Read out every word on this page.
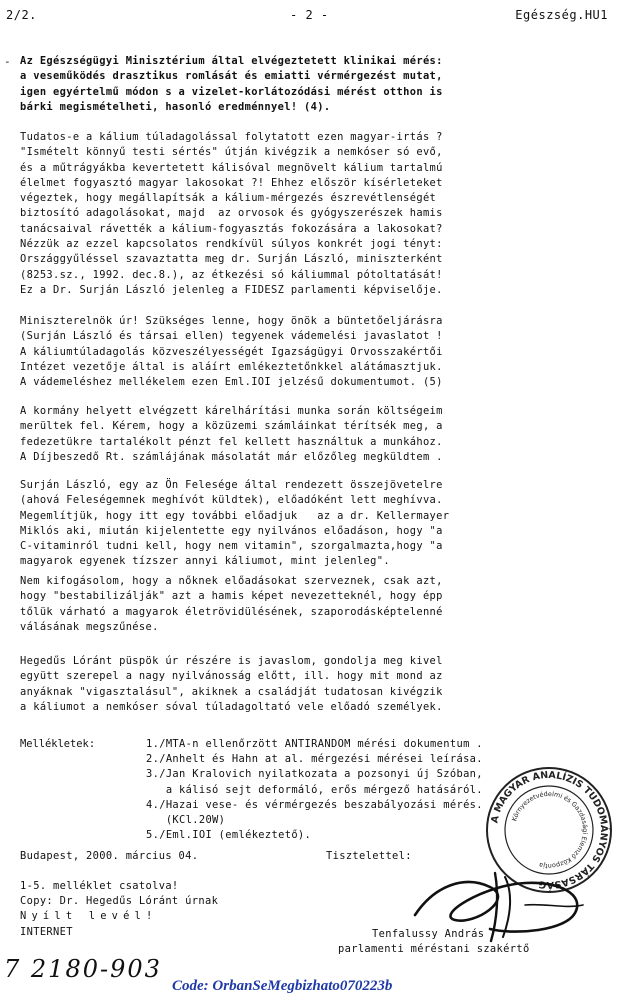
2/2.	- 2 -	Egészség.HU1
- Az Egészségügyi Minisztérium által elvégeztetett klinikai mérés:
a veseműködés drasztikus romlását és emiatti vérmérgezést mutat,
igen egyértelmű módon s a vizelet-korlátozódási mérést otthon is
bárki megismételheti, hasonló eredménnyel! (4).
Tudatos-e a kálium túladagolással folytatott ezen magyar-irtás ?
"Ismételt könnyű testi sértés" útján kivégzik a nemkóser só evő,
és a műtrágyákba kevertetett kálisóval megnövelt kálium tartalmú
élelmet fogyasztó magyar lakosokat ?! Ehhez először kísérleteket
végeztek, hogy megállapítsák a kálium-mérgezés észrevétlenségét
biztosító adagolásokat, majd  az orvosok és gyógyszerészek hamis
tanácsaival rávették a kálium-fogyasztás fokozására a lakosokat?
Nézzük az ezzel kapcsolatos rendkívül súlyos konkrét jogi tényt:
Országgyűléssel szavaztatta meg dr. Surján László, miniszterként
(8253.sz., 1992. dec.8.), az étkezési só káliummal pótoltatását!
Ez a Dr. Surján László jelenleg a FIDESZ parlamenti képviselője.
Miniszterelnök úr! Szükséges lenne, hogy önök a büntetőeljárásra
(Surján László és társai ellen) tegyenek vádemelési javaslatot !
A káliumtúladagolás közveszélyességét Igazságügyi Orvosszakértői
Intézet vezetője által is aláírt emlékeztetőnkkel alátámasztjuk.
A vádemeléshez mellékelem ezen Eml.IOI jelzésű dokumentumot. (5)
A kormány helyett elvégzett kárelhárítási munka során költségeim
merültek fel. Kérem, hogy a közüzemi számláinkat térítsék meg, a
fedezetükre tartalékolt pénzt fel kellett használtuk a munkához.
A Díjbeszedő Rt. számlájának másolatát már előzőleg megküldtem .
Surján László, egy az Ön Felesége által rendezett összejövetelre
(ahová Feleségemnek meghívót küldtek), előadóként lett meghívva.
Megemlítjük, hogy itt egy további előadjuk   az a dr. Kellermayer
Miklós aki, miután kijelentette egy nyilvános előadáson, hogy "a
C-vitaminról tudni kell, hogy nem vitamin", szorgalmazta,hogy "a
magyarok egyenek tízszer annyi káliumot, mint jelenleg".
Nem kifogásolom, hogy a nőknek előadásokat szerveznek, csak azt,
hogy "bestabilizálják" azt a hamis képet nevezetteknél, hogy épp
tőlük várható a magyarok életrövidülésének, szaporodásképtelenné
válásának megszűnése.
Hegedűs Lóránt püspök úr részére is javaslom, gondolja meg kivel
együtt szerepel a nagy nyilvánosság előtt, ill. hogy mit mond az
anyáknak "vigasztalásul", akiknek a családját tudatosan kivégzik
a káliumot a nemkóser sóval túladagoltató vele előadó személyek.
Mellékletek:	1./MTA-n ellenőrzött ANTIRANDOM mérési dokumentum .
2./Anhelt és Hahn at al. mérgezési mérései leírása.
3./Jan Kralovich nyilatkozata a pozsonyi új Szóban,
a kálisó sejt deformáló, erős mérgező hatásáról.
4./Hazai vese- és vérmérgezés beszabályozási mérés.
(KCl.20W)
5./Eml.IOI (emlékeztető).
Budapest, 2000. március 04.	Tisztelettel:
1-5. melléklet csatolva!
Copy: Dr. Hegedűs Lóránt úrnak
Nyílt levél!
INTERNET
A MAGYAR ANALÍZIS TUDOMÁNYOS TÁRSASÁG
Környezetvédelmi és Gazdasági Elemző Központja
Tenfalussy András
parlamenti méréstani szakértő
7 2180-903
Code: OrbanSeMegbizhato070223b
